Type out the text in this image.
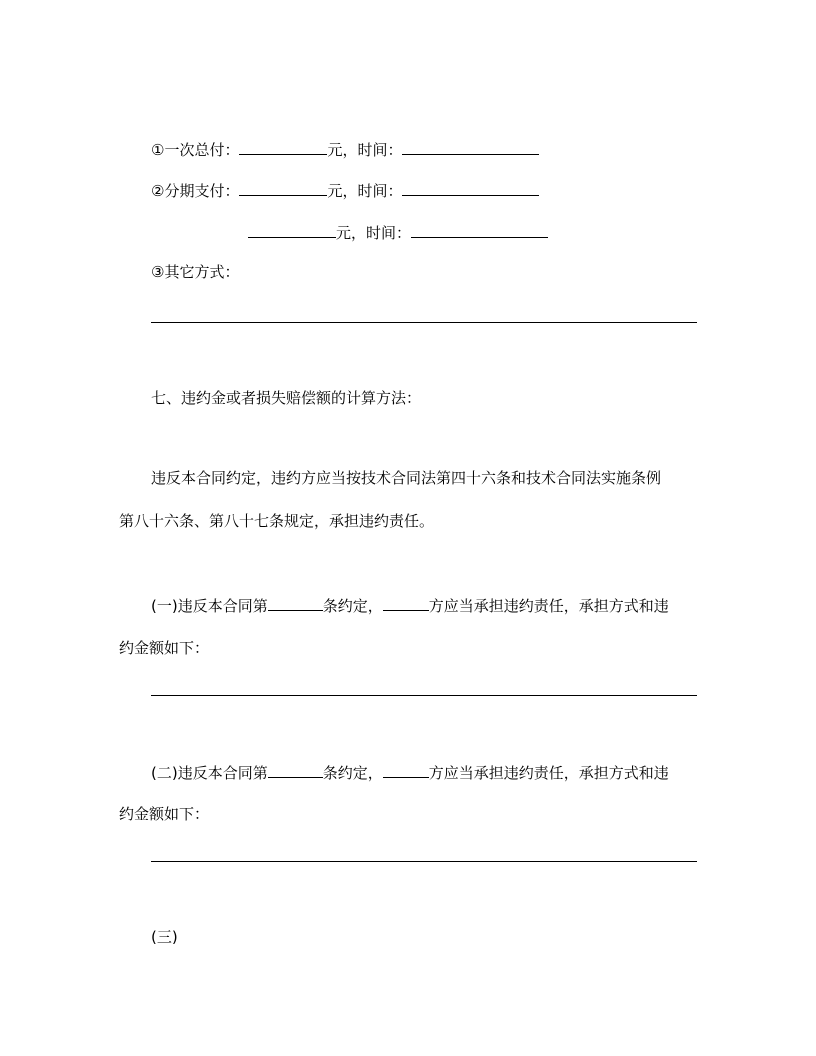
①一次总付：	元，时间：
②分期支付：	元，时间：
元，时间：
③其它方式：
七、违约金或者损失赔偿额的计算方法：
违反本合同约定，违约方应当按技术合同法第四十六条和技术合同法实施条例
第八十六条、第八十七条规定，承担违约责任。
(一)违反本合同第	条约定，	方应当承担违约责任，承担方式和违
约金额如下：
(二)违反本合同第	条约定，	方应当承担违约责任，承担方式和违
约金额如下：
(三)
